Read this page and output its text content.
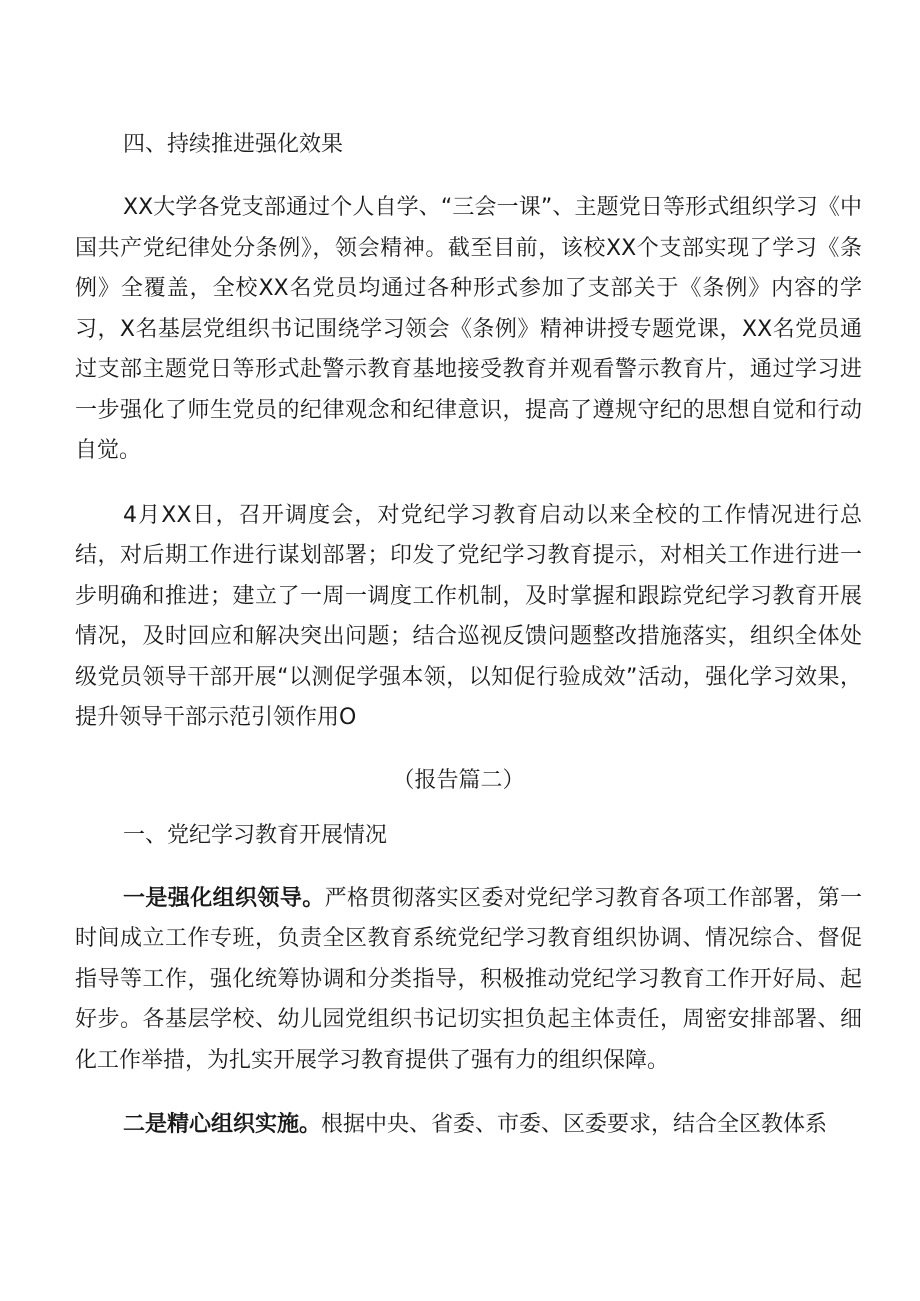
四、持续推进强化效果

XX大学各党支部通过个人自学、“三会一课”、主题党日等形式组织学习《中国共产党纪律处分条例》，领会精神。截至目前，该校XX个支部实现了学习《条例》全覆盖，全校XX名党员均通过各种形式参加了支部关于《条例》内容的学习，X名基层党组织书记围绕学习领会《条例》精神讲授专题党课，XX名党员通过支部主题党日等形式赴警示教育基地接受教育并观看警示教育片，通过学习进一步强化了师生党员的纪律观念和纪律意识，提高了遵规守纪的思想自觉和行动自觉。

4月XX日，召开调度会，对党纪学习教育启动以来全校的工作情况进行总结，对后期工作进行谋划部署；印发了党纪学习教育提示，对相关工作进行进一步明确和推进；建立了一周一调度工作机制，及时掌握和跟踪党纪学习教育开展情况，及时回应和解决突出问题；结合巡视反馈问题整改措施落实，组织全体处级党员领导干部开展“以测促学强本领，以知促行验成效”活动，强化学习效果，提升领导干部示范引领作用O

（报告篇二）
一、党纪学习教育开展情况

一是强化组织领导。严格贯彻落实区委对党纪学习教育各项工作部署，第一时间成立工作专班，负责全区教育系统党纪学习教育组织协调、情况综合、督促指导等工作，强化统筹协调和分类指导，积极推动党纪学习教育工作开好局、起好步。各基层学校、幼儿园党组织书记切实担负起主体责任，周密安排部署、细化工作举措，为扎实开展学习教育提供了强有力的组织保障。

二是精心组织实施。根据中央、省委、市委、区委要求，结合全区教体系
